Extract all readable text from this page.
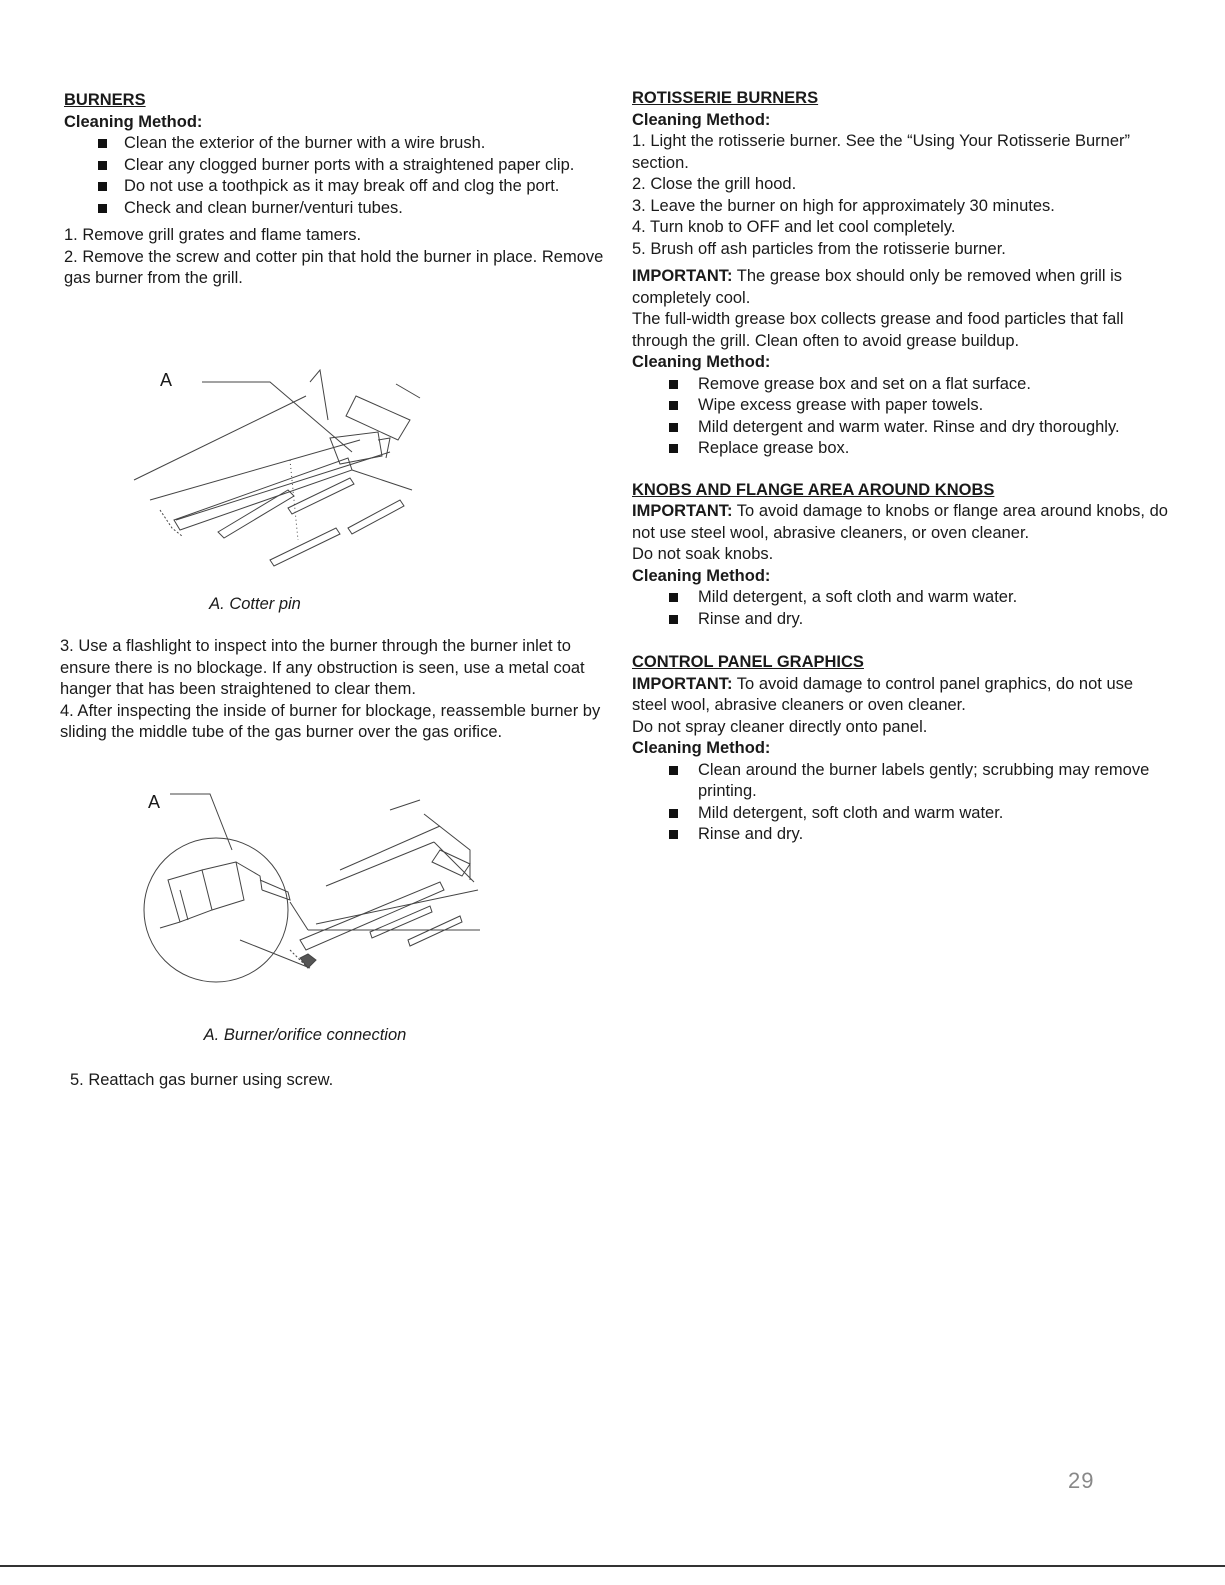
BURNERS

Cleaning Method:

Clean the exterior of the burner with a wire brush.
Clear any clogged burner ports with a straightened paper clip.
Do not use a toothpick as it may break off and clog the port.
Check and clean burner/venturi tubes.

1. Remove grill grates and flame tamers.

2. Remove the screw and cotter pin that hold the burner in place. Remove gas burner from the grill.

A
A. Cotter pin

3. Use a flashlight to inspect into the burner through the burner inlet to ensure there is no blockage. If any obstruction is seen, use a metal coat hanger that has been straightened to clear them.

4. After inspecting the inside of burner for blockage, reassemble burner by sliding the middle tube of the gas burner over the gas orifice.

A
A. Burner/orifice connection
5. Reattach gas burner using screw.

ROTISSERIE BURNERS

Cleaning Method:

1. Light the rotisserie burner. See the “Using Your Rotisserie Burner” section.

2. Close the grill hood.

3. Leave the burner on high for approximately 30 minutes.

4. Turn knob to OFF and let cool completely.

5. Brush off ash particles from the rotisserie burner.

IMPORTANT: The grease box should only be removed when grill is completely cool.

The full-width grease box collects grease and food particles that fall through the grill. Clean often to avoid grease buildup.

Cleaning Method:

Remove grease box and set on a flat surface.
Wipe excess grease with paper towels.
Mild detergent and warm water. Rinse and dry thoroughly.
Replace grease box.

KNOBS AND FLANGE AREA AROUND KNOBS

IMPORTANT: To avoid damage to knobs or flange area around knobs, do not use steel wool, abrasive cleaners, or oven cleaner.

Do not soak knobs.

Cleaning Method:

Mild detergent, a soft cloth and warm water.
Rinse and dry.

CONTROL PANEL GRAPHICS

IMPORTANT: To avoid damage to control panel graphics, do not use steel wool, abrasive cleaners or oven cleaner.

Do not spray cleaner directly onto panel.

Cleaning Method:

Clean around the burner labels gently; scrubbing may remove printing.
Mild detergent, soft cloth and warm water.
Rinse and dry.
29
